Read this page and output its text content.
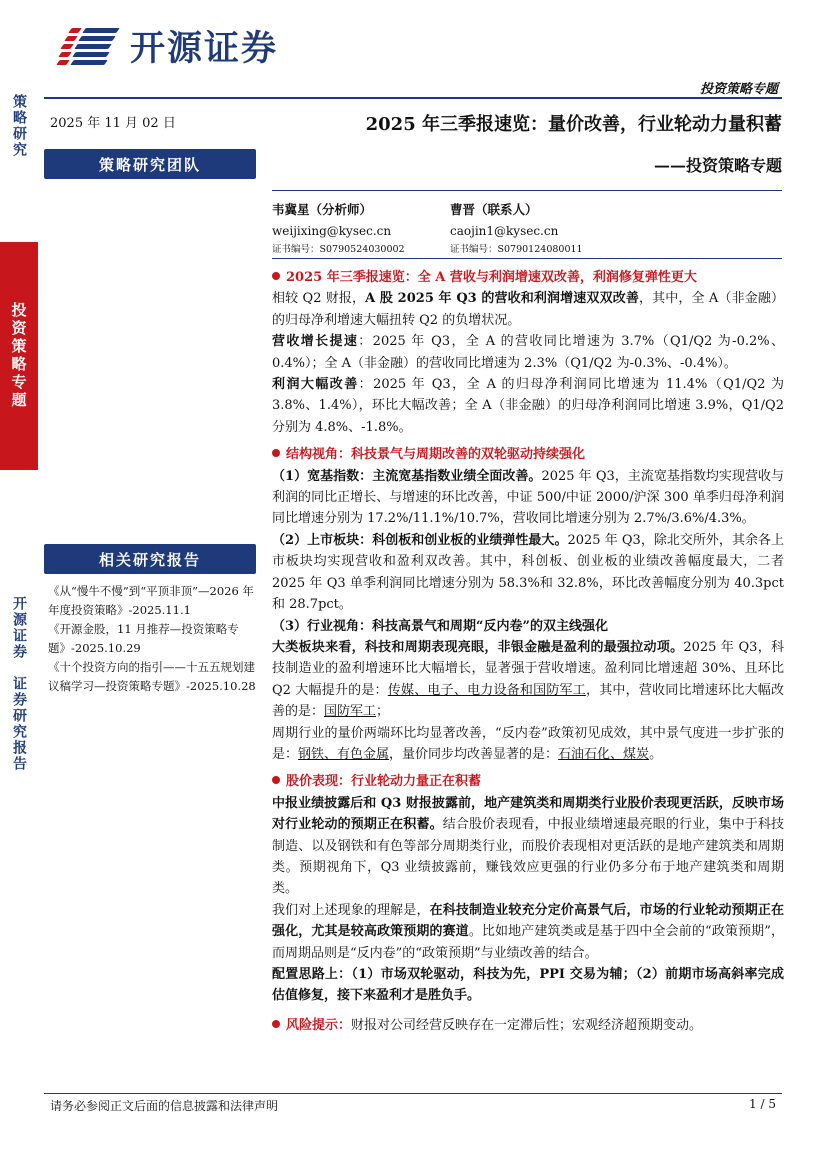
开源证券
投资策略专题
策略研究
投资策略专题
开源证券　证券研究报告
2025 年 11 月 02 日
策略研究团队
相关研究报告
《从“慢牛不慢”到“平顶非顶”—2026 年年度投资策略》-2025.11.1
《开源金股，11 月推荐—投资策略专题》-2025.10.29
《十个投资方向的指引——十五五规划建议稿学习—投资策略专题》-2025.10.28
2025 年三季报速览：量价改善，行业轮动力量积蓄
——投资策略专题
韦冀星（分析师）
weijixing@kysec.cn
证书编号：S0790524030002
曹晋（联系人）
caojin1@kysec.cn
证书编号：S0790124080011
2025 年三季报速览：全 A 营收与利润增速双改善，利润修复弹性更大

相较 Q2 财报，A 股 2025 年 Q3 的营收和利润增速双双改善，其中，全 A（非金融）的归母净利增速大幅扭转 Q2 的负增状况。

营收增长提速：2025 年 Q3，全 A 的营收同比增速为 3.7%（Q1/Q2 为-0.2%、0.4%）；全 A（非金融）的营收同比增速为 2.3%（Q1/Q2 为-0.3%、-0.4%）。

利润大幅改善：2025 年 Q3，全 A 的归母净利润同比增速为 11.4%（Q1/Q2 为 3.8%、1.4%），环比大幅改善；全 A（非金融）的归母净利润同比增速 3.9%，Q1/Q2 分别为 4.8%、-1.8%。

结构视角：科技景气与周期改善的双轮驱动持续强化

（1）宽基指数：主流宽基指数业绩全面改善。2025 年 Q3，主流宽基指数均实现营收与利润的同比正增长、与增速的环比改善，中证 500/中证 2000/沪深 300 单季归母净利润同比增速分别为 17.2%/11.1%/10.7%，营收同比增速分别为 2.7%/3.6%/4.3%。

（2）上市板块：科创板和创业板的业绩弹性最大。2025 年 Q3，除北交所外，其余各上市板块均实现营收和盈利双改善。其中，科创板、创业板的业绩改善幅度最大，二者 2025 年 Q3 单季利润同比增速分别为 58.3%和 32.8%，环比改善幅度分别为 40.3pct 和 28.7pct。

（3）行业视角：科技高景气和周期“反内卷”的双主线强化

大类板块来看，科技和周期表现亮眼，非银金融是盈利的最强拉动项。2025 年 Q3，科技制造业的盈利增速环比大幅增长，显著强于营收增速。盈利同比增速超 30%、且环比 Q2 大幅提升的是：传媒、电子、电力设备和国防军工，其中，营收同比增速环比大幅改善的是：国防军工；

周期行业的量价两端环比均显著改善，“反内卷”政策初见成效，其中景气度进一步扩张的是：钢铁、有色金属，量价同步均改善显著的是：石油石化、煤炭。

股价表现：行业轮动力量正在积蓄

中报业绩披露后和 Q3 财报披露前，地产建筑类和周期类行业股价表现更活跃，反映市场对行业轮动的预期正在积蓄。结合股价表现看，中报业绩增速最亮眼的行业，集中于科技制造、以及钢铁和有色等部分周期类行业，而股价表现相对更活跃的是地产建筑类和周期类。预期视角下，Q3 业绩披露前，赚钱效应更强的行业仍多分布于地产建筑类和周期类。

我们对上述现象的理解是，在科技制造业较充分定价高景气后，市场的行业轮动预期正在强化，尤其是较高政策预期的赛道。比如地产建筑类或是基于四中全会前的“政策预期”，而周期品则是“反内卷”的“政策预期”与业绩改善的结合。

配置思路上：（1）市场双轮驱动，科技为先，PPI 交易为辅；（2）前期市场高斜率完成估值修复，接下来盈利才是胜负手。

风险提示：财报对公司经营反映存在一定滞后性；宏观经济超预期变动。
请务必参阅正文后面的信息披露和法律声明	1 / 5
